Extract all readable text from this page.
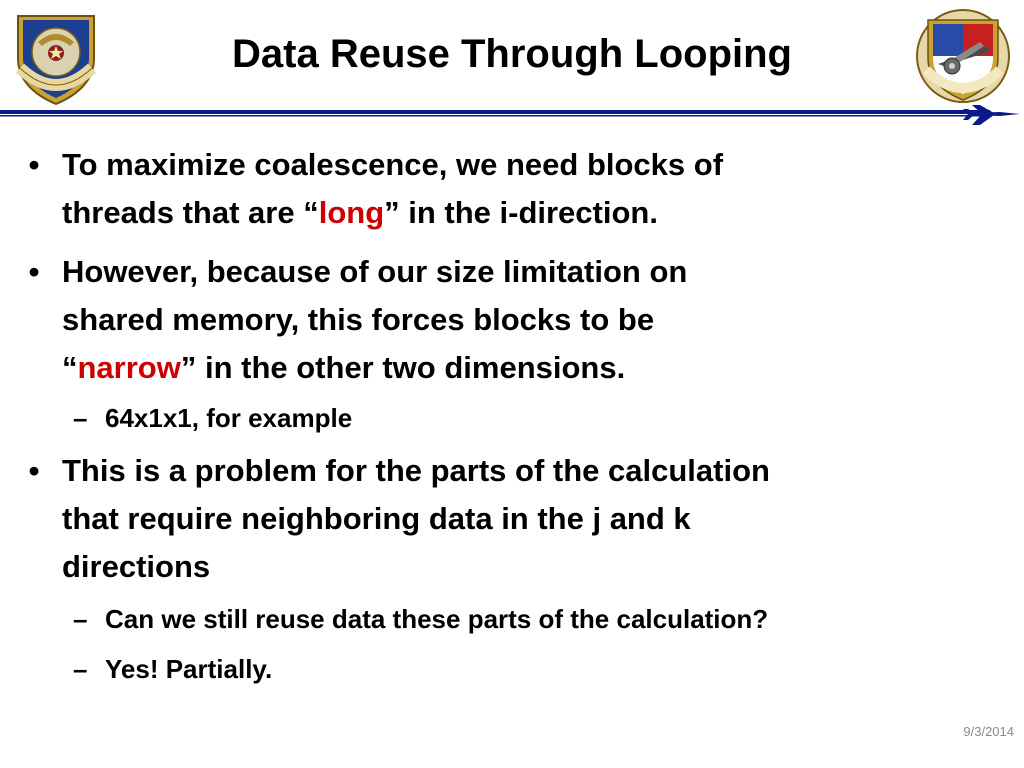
Data Reuse Through Looping
• To maximize coalescence, we need blocks of
threads that are “long” in the i-direction.
• However, because of our size limitation on
shared memory, this forces blocks to be
“narrow” in the other two dimensions.
– 64x1x1, for example
• This is a problem for the parts of the calculation
that require neighboring data in the j and k
directions
– Can we still reuse data these parts of the calculation?
– Yes! Partially.
9/3/2014
